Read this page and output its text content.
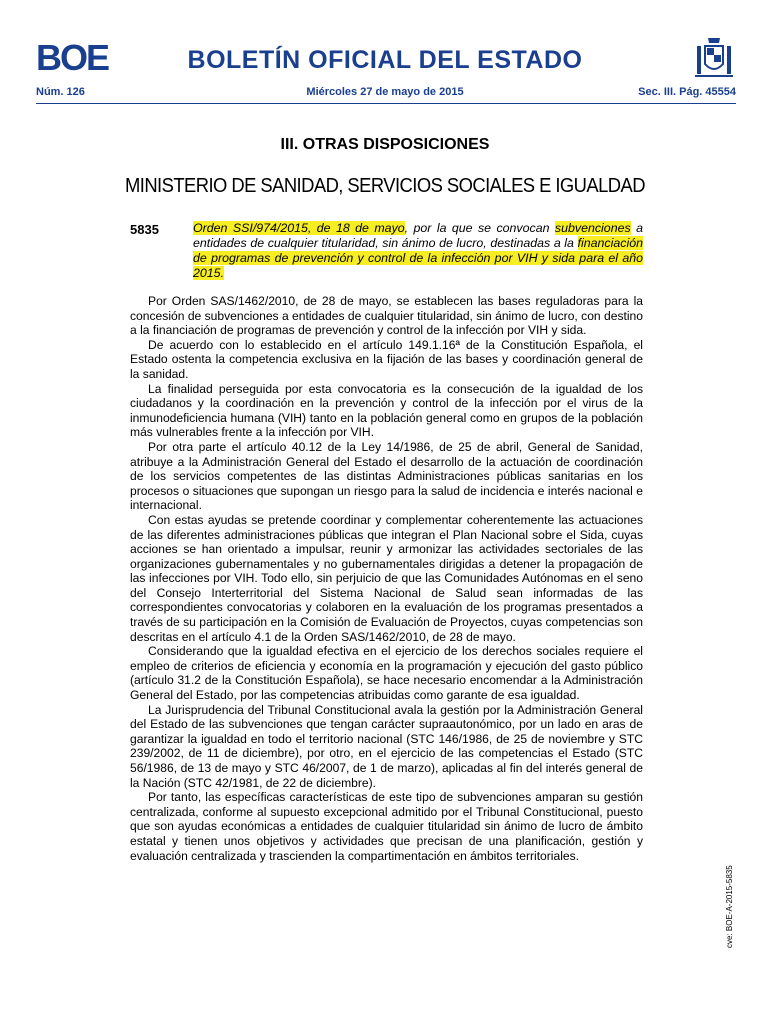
BOE	BOLETÍN OFICIAL DEL ESTADO
Núm. 126	Miércoles 27 de mayo de 2015	Sec. III. Pág. 45554
III. OTRAS DISPOSICIONES
MINISTERIO DE SANIDAD, SERVICIOS SOCIALES E IGUALDAD
5835	Orden SSI/974/2015, de 18 de mayo, por la que se convocan subvenciones a entidades de cualquier titularidad, sin ánimo de lucro, destinadas a la financiación de programas de prevención y control de la infección por VIH y sida para el año 2015.

Por Orden SAS/1462/2010, de 28 de mayo, se establecen las bases reguladoras para la concesión de subvenciones a entidades de cualquier titularidad, sin ánimo de lucro, con destino a la financiación de programas de prevención y control de la infección por VIH y sida.

De acuerdo con lo establecido en el artículo 149.1.16ª de la Constitución Española, el Estado ostenta la competencia exclusiva en la fijación de las bases y coordinación general de la sanidad.

La finalidad perseguida por esta convocatoria es la consecución de la igualdad de los ciudadanos y la coordinación en la prevención y control de la infección por el virus de la inmunodeficiencia humana (VIH) tanto en la población general como en grupos de la población más vulnerables frente a la infección por VIH.

Por otra parte el artículo 40.12 de la Ley 14/1986, de 25 de abril, General de Sanidad, atribuye a la Administración General del Estado el desarrollo de la actuación de coordinación de los servicios competentes de las distintas Administraciones públicas sanitarias en los procesos o situaciones que supongan un riesgo para la salud de incidencia e interés nacional e internacional.

Con estas ayudas se pretende coordinar y complementar coherentemente las actuaciones de las diferentes administraciones públicas que integran el Plan Nacional sobre el Sida, cuyas acciones se han orientado a impulsar, reunir y armonizar las actividades sectoriales de las organizaciones gubernamentales y no gubernamentales dirigidas a detener la propagación de las infecciones por VIH. Todo ello, sin perjuicio de que las Comunidades Autónomas en el seno del Consejo Interterritorial del Sistema Nacional de Salud sean informadas de las correspondientes convocatorias y colaboren en la evaluación de los programas presentados a través de su participación en la Comisión de Evaluación de Proyectos, cuyas competencias son descritas en el artículo 4.1 de la Orden SAS/1462/2010, de 28 de mayo.

Considerando que la igualdad efectiva en el ejercicio de los derechos sociales requiere el empleo de criterios de eficiencia y economía en la programación y ejecución del gasto público (artículo 31.2 de la Constitución Española), se hace necesario encomendar a la Administración General del Estado, por las competencias atribuidas como garante de esa igualdad.

La Jurisprudencia del Tribunal Constitucional avala la gestión por la Administración General del Estado de las subvenciones que tengan carácter supraautonómico, por un lado en aras de garantizar la igualdad en todo el territorio nacional (STC 146/1986, de 25 de noviembre y STC 239/2002, de 11 de diciembre), por otro, en el ejercicio de las competencias el Estado (STC 56/1986, de 13 de mayo y STC 46/2007, de 1 de marzo), aplicadas al fin del interés general de la Nación (STC 42/1981, de 22 de diciembre).

Por tanto, las específicas características de este tipo de subvenciones amparan su gestión centralizada, conforme al supuesto excepcional admitido por el Tribunal Constitucional, puesto que son ayudas económicas a entidades de cualquier titularidad sin ánimo de lucro de ámbito estatal y tienen unos objetivos y actividades que precisan de una planificación, gestión y evaluación centralizada y trascienden la compartimentación en ámbitos territoriales.

cve: BOE-A-2015-5835
